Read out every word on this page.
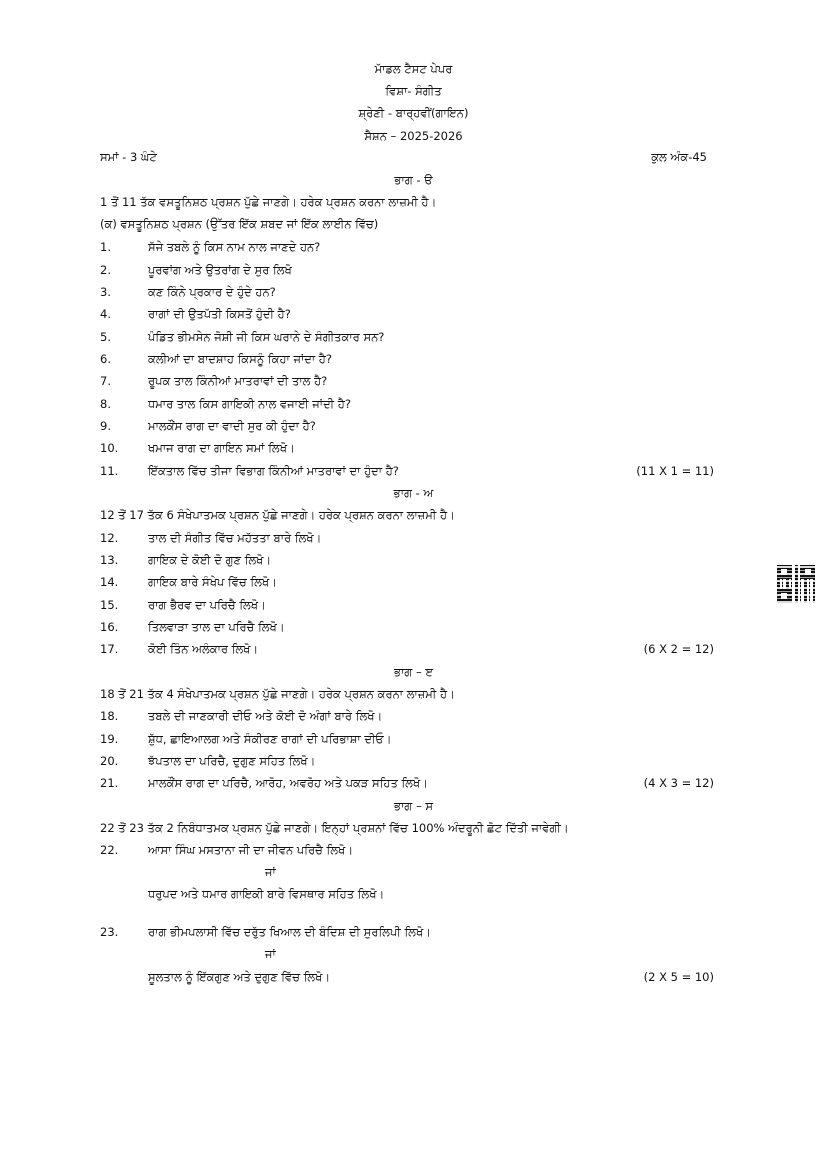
ਮਾੱਡਲ ਟੈਸਟ ਪੇਪਰ
ਵਿਸ਼ਾ- ਸੰਗੀਤ
ਸ਼੍ਰੇਣੀ - ਬਾਰ੍ਹਵੀਂ(ਗਾਇਨ)
ਸੈਸ਼ਨ – 2025-2026
ਸਮਾਂ - 3 ਘੰਟੇ	ਕੁਲ ਅੰਕ-45
ਭਾਗ - ੳ
1 ਤੋਂ 11 ਤੱਕ ਵਸਤੂਨਿਸ਼ਠ ਪ੍ਰਸ਼ਨ ਪੁੱਛੇ ਜਾਣਗੇ। ਹਰੇਕ ਪ੍ਰਸ਼ਨ ਕਰਨਾ ਲਾਜ਼ਮੀ ਹੈ।
(ਕ) ਵਸਤੂਨਿਸ਼ਠ ਪ੍ਰਸ਼ਨ (ਉੱਤਰ ਇੱਕ ਸ਼ਬਦ ਜਾਂ ਇੱਕ ਲਾਈਨ ਵਿੱਚ)
1.	ਸੱਜੇ ਤਬਲੇ ਨੂੰ ਕਿਸ ਨਾਮ ਨਾਲ ਜਾਣਦੇ ਹਨ?
2.	ਪੂਰਵਾਂਗ ਅਤੇ ਉਤਰਾਂਗ ਦੇ ਸੁਰ ਲਿਖੋ
3.	ਕਣ ਕਿੰਨੇ ਪ੍ਰਕਾਰ ਦੇ ਹੁੰਦੇ ਹਨ?
4.	ਰਾਗਾਂ ਦੀ ਉਤਪੱਤੀ ਕਿਸਤੋਂ ਹੁੰਦੀ ਹੈ?
5.	ਪੰਡਿਤ ਭੀਮਸੇਨ ਜੋਸ਼ੀ ਜੀ ਕਿਸ ਘਰਾਨੇ ਦੇ ਸੰਗੀਤਕਾਰ ਸਨ?
6.	ਕਲੀਆਂ ਦਾ ਬਾਦਸ਼ਾਹ ਕਿਸਨੂੰ ਕਿਹਾ ਜਾਂਦਾ ਹੈ?
7.	ਰੂਪਕ ਤਾਲ ਕਿੰਨੀਆਂ ਮਾਤਰਾਵਾਂ ਦੀ ਤਾਲ ਹੈ?
8.	ਧਮਾਰ ਤਾਲ ਕਿਸ ਗਾਇਕੀ ਨਾਲ ਵਜਾਈ ਜਾਂਦੀ ਹੈ?
9.	ਮਾਲਕੌਂਸ ਰਾਗ ਦਾ ਵਾਦੀ ਸੁਰ ਕੀ ਹੁੰਦਾ ਹੈ?
10.	ਖਮਾਜ ਰਾਗ ਦਾ ਗਾਇਨ ਸਮਾਂ ਲਿਖੋ।
11.	ਇੱਕਤਾਲ ਵਿੱਚ ਤੀਜਾ ਵਿਭਾਗ ਕਿੰਨੀਆਂ ਮਾਤਰਾਵਾਂ ਦਾ ਹੁੰਦਾ ਹੈ?	(11 X 1 = 11)
ਭਾਗ - ਅ
12 ਤੋਂ 17 ਤੱਕ 6 ਸੰਖੇਪਾਤਮਕ ਪ੍ਰਸ਼ਨ ਪੁੱਛੇ ਜਾਣਗੇ। ਹਰੇਕ ਪ੍ਰਸ਼ਨ ਕਰਨਾ ਲਾਜ਼ਮੀ ਹੈ।
12.	ਤਾਲ ਦੀ ਸੰਗੀਤ ਵਿੱਚ ਮਹੱਤਤਾ ਬਾਰੇ ਲਿਖੋ।
13.	ਗਾਇਕ ਦੇ ਕੋਈ ਦੋ ਗੁਣ ਲਿਖੋ।
14.	ਗਾਇਕ ਬਾਰੇ ਸੰਖੇਪ ਵਿੱਚ ਲਿਖੋ।
15.	ਰਾਗ ਭੈਰਵ ਦਾ ਪਰਿਚੈ ਲਿਖੋ।
16.	ਤਿਲਵਾੜਾ ਤਾਲ ਦਾ ਪਰਿਚੈ ਲਿਖੋ।
17.	ਕੋਈ ਤਿੰਨ ਅਲੰਕਾਰ ਲਿਖੋ।	(6 X 2 = 12)
ਭਾਗ – ੲ
18 ਤੋਂ 21 ਤੱਕ 4 ਸੰਖੇਪਾਤਮਕ ਪ੍ਰਸ਼ਨ ਪੁੱਛੇ ਜਾਣਗੇ। ਹਰੇਕ ਪ੍ਰਸ਼ਨ ਕਰਨਾ ਲਾਜ਼ਮੀ ਹੈ।
18.	ਤਬਲੇ ਦੀ ਜਾਣਕਾਰੀ ਦੀਓ ਅਤੇ ਕੋਈ ਦੋ ਅੰਗਾਂ ਬਾਰੇ ਲਿਖੋ।
19.	ਸ਼ੁੱਧ, ਛਾਇਆਲਗ ਅਤੇ ਸੰਕੀਰਣ ਰਾਗਾਂ ਦੀ ਪਰਿਭਾਸ਼ਾ ਦੀਓ।
20.	ਝੱਪਤਾਲ ਦਾ ਪਰਿਚੈ, ਦੁਗੁਣ ਸਹਿਤ ਲਿਖੋ।
21.	ਮਾਲਕੌਂਸ ਰਾਗ ਦਾ ਪਰਿਚੈ, ਆਰੋਹ, ਅਵਰੋਹ ਅਤੇ ਪਕੜ ਸਹਿਤ ਲਿਖੋ।	(4 X 3 = 12)
ਭਾਗ – ਸ
22 ਤੋਂ 23 ਤੱਕ 2 ਨਿਬੰਧਾਤਮਕ ਪ੍ਰਸ਼ਨ ਪੁੱਛੇ ਜਾਣਗੇ। ਇਨ੍ਹਾਂ ਪ੍ਰਸ਼ਨਾਂ ਵਿੱਚ 100% ਅੰਦਰੂਨੀ ਛੋਟ ਦਿੱਤੀ ਜਾਵੇਗੀ।
22.	ਆਸਾ ਸਿੰਘ ਮਸਤਾਨਾ ਜੀ ਦਾ ਜੀਵਨ ਪਰਿਚੈ ਲਿਖੋ।
ਜਾਂ
ਧਰੁਪਦ ਅਤੇ ਧਮਾਰ ਗਾਇਕੀ ਬਾਰੇ ਵਿਸਥਾਰ ਸਹਿਤ ਲਿਖੋ।
23.	ਰਾਗ ਭੀਮਪਲਾਸੀ ਵਿੱਚ ਦਰੁੱਤ ਖਿਆਲ ਦੀ ਬੰਦਿਸ਼ ਦੀ ਸੁਰਲਿਪੀ ਲਿਖੋ।
ਜਾਂ
ਸੂਲਤਾਲ ਨੂੰ ਇੱਕਗੁਣ ਅਤੇ ਦੁਗੁਣ ਵਿੱਚ ਲਿਖੋ।	(2 X 5 = 10)
